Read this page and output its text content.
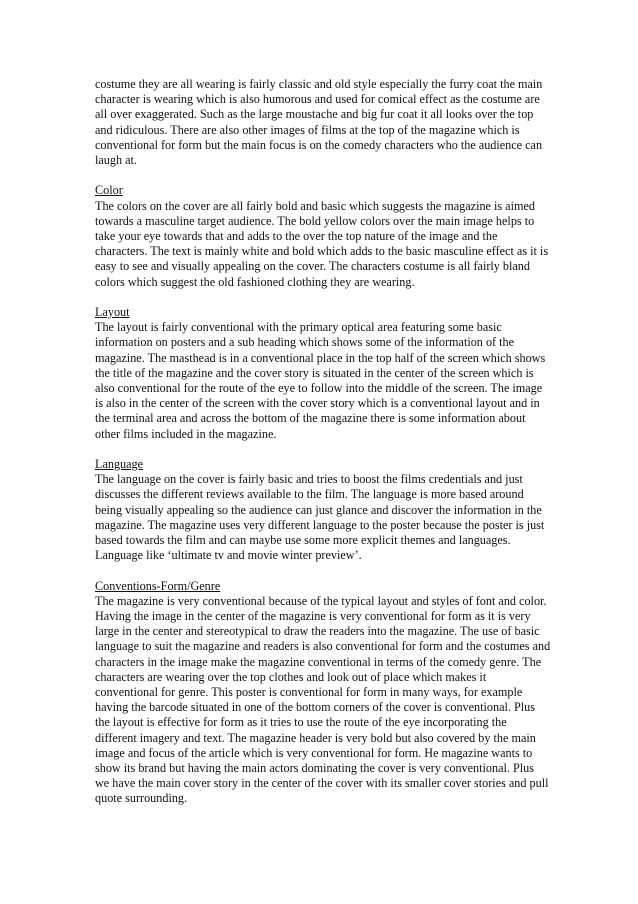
costume they are all wearing is fairly classic and old style especially the furry coat the main character is wearing which is also humorous and used for comical effect as the costume are all over exaggerated. Such as the large moustache and big fur coat it all looks over the top and ridiculous. There are also other images of films at the top of the magazine which is conventional for form but the main focus is on the comedy characters who the audience can laugh at.

Color

The colors on the cover are all fairly bold and basic which suggests the magazine is aimed towards a masculine target audience. The bold yellow colors over the main image helps to take your eye towards that and adds to the over the top nature of the image and the characters. The text is mainly white and bold which adds to the basic masculine effect as it is easy to see and visually appealing on the cover. The characters costume is all fairly bland colors which suggest the old fashioned clothing they are wearing.

Layout

The layout is fairly conventional with the primary optical area featuring some basic information on posters and a sub heading which shows some of the information of the magazine. The masthead is in a conventional place in the top half of the screen which shows the title of the magazine and the cover story is situated in the center of the screen which is also conventional for the route of the eye to follow into the middle of the screen. The image is also in the center of the screen with the cover story which is a conventional layout and in the terminal area and across the bottom of the magazine there is some information about other films included in the magazine.

Language

The language on the cover is fairly basic and tries to boost the films credentials and just discusses the different reviews available to the film. The language is more based around being visually appealing so the audience can just glance and discover the information in the magazine. The magazine uses very different language to the poster because the poster is just based towards the film and can maybe use some more explicit themes and languages. Language like ‘ultimate tv and movie winter preview’.

Conventions-Form/Genre

The magazine is very conventional because of the typical layout and styles of font and color. Having the image in the center of the magazine is very conventional for form as it is very large in the center and stereotypical to draw the readers into the magazine. The use of basic language to suit the magazine and readers is also conventional for form and the costumes and characters in the image make the magazine conventional in terms of the comedy genre. The characters are wearing over the top clothes and look out of place which makes it conventional for genre. This poster is conventional for form in many ways, for example having the barcode situated in one of the bottom corners of the cover is conventional. Plus the layout is effective for form as it tries to use the route of the eye incorporating the different imagery and text. The magazine header is very bold but also covered by the main image and focus of the article which is very conventional for form. He magazine wants to show its brand but having the main actors dominating the cover is very conventional. Plus we have the main cover story in the center of the cover with its smaller cover stories and pull quote surrounding.
